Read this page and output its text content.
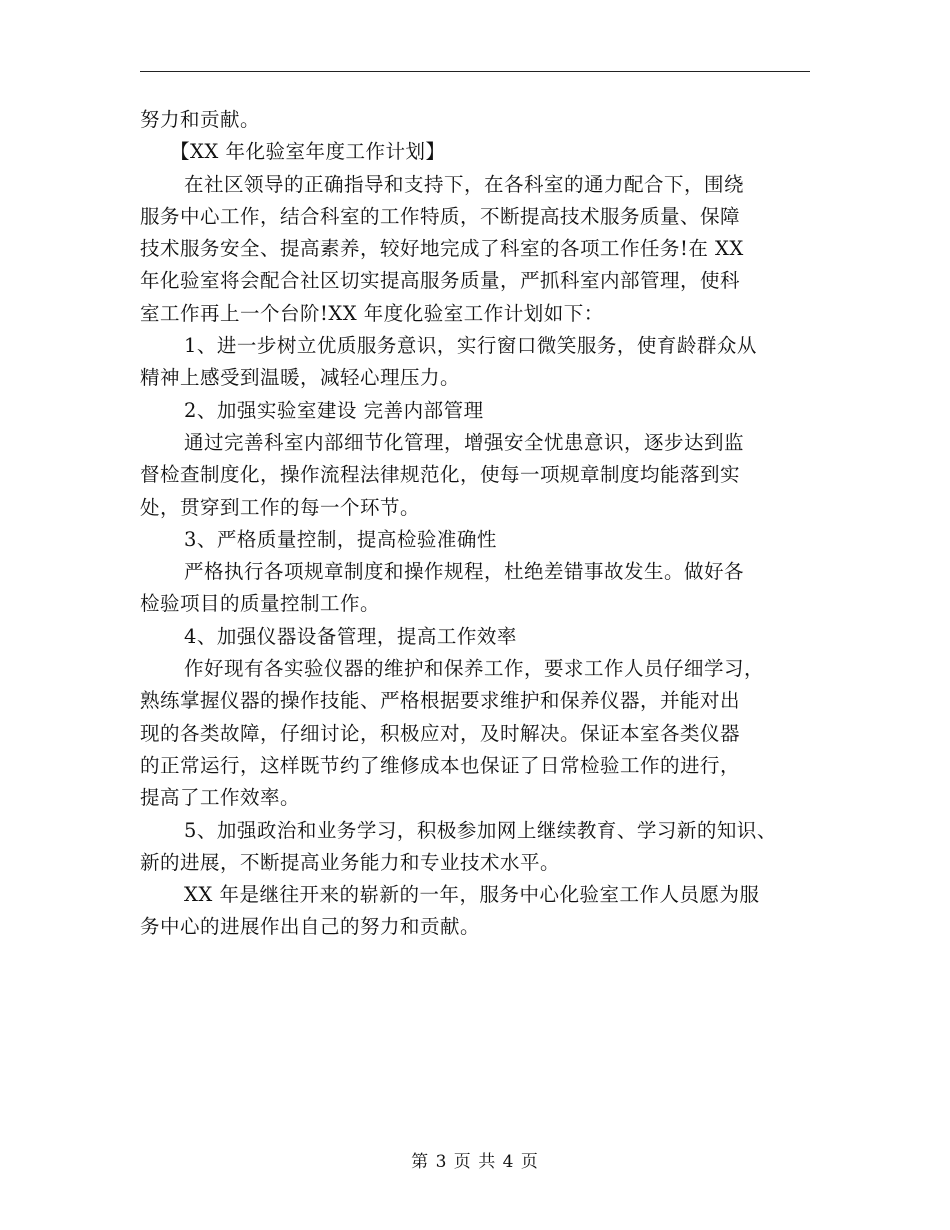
努力和贡献。
【XX 年化验室年度工作计划】
在社区领导的正确指导和支持下，在各科室的通力配合下，围绕
服务中心工作，结合科室的工作特质，不断提高技术服务质量、保障
技术服务安全、提高素养，较好地完成了科室的各项工作任务!在 XX
年化验室将会配合社区切实提高服务质量，严抓科室内部管理，使科
室工作再上一个台阶!XX 年度化验室工作计划如下：
1、进一步树立优质服务意识，实行窗口微笑服务，使育龄群众从
精神上感受到温暖，减轻心理压力。
2、加强实验室建设 完善内部管理
通过完善科室内部细节化管理，增强安全忧患意识，逐步达到监
督检查制度化，操作流程法律规范化，使每一项规章制度均能落到实
处，贯穿到工作的每一个环节。
3、严格质量控制，提高检验准确性
严格执行各项规章制度和操作规程，杜绝差错事故发生。做好各
检验项目的质量控制工作。
4、加强仪器设备管理，提高工作效率
作好现有各实验仪器的维护和保养工作，要求工作人员仔细学习，
熟练掌握仪器的操作技能、严格根据要求维护和保养仪器，并能对出
现的各类故障，仔细讨论，积极应对，及时解决。保证本室各类仪器
的正常运行，这样既节约了维修成本也保证了日常检验工作的进行，
提高了工作效率。
5、加强政治和业务学习，积极参加网上继续教育、学习新的知识、
新的进展，不断提高业务能力和专业技术水平。
XX 年是继往开来的崭新的一年，服务中心化验室工作人员愿为服
务中心的进展作出自己的努力和贡献。
第 3 页 共 4 页
